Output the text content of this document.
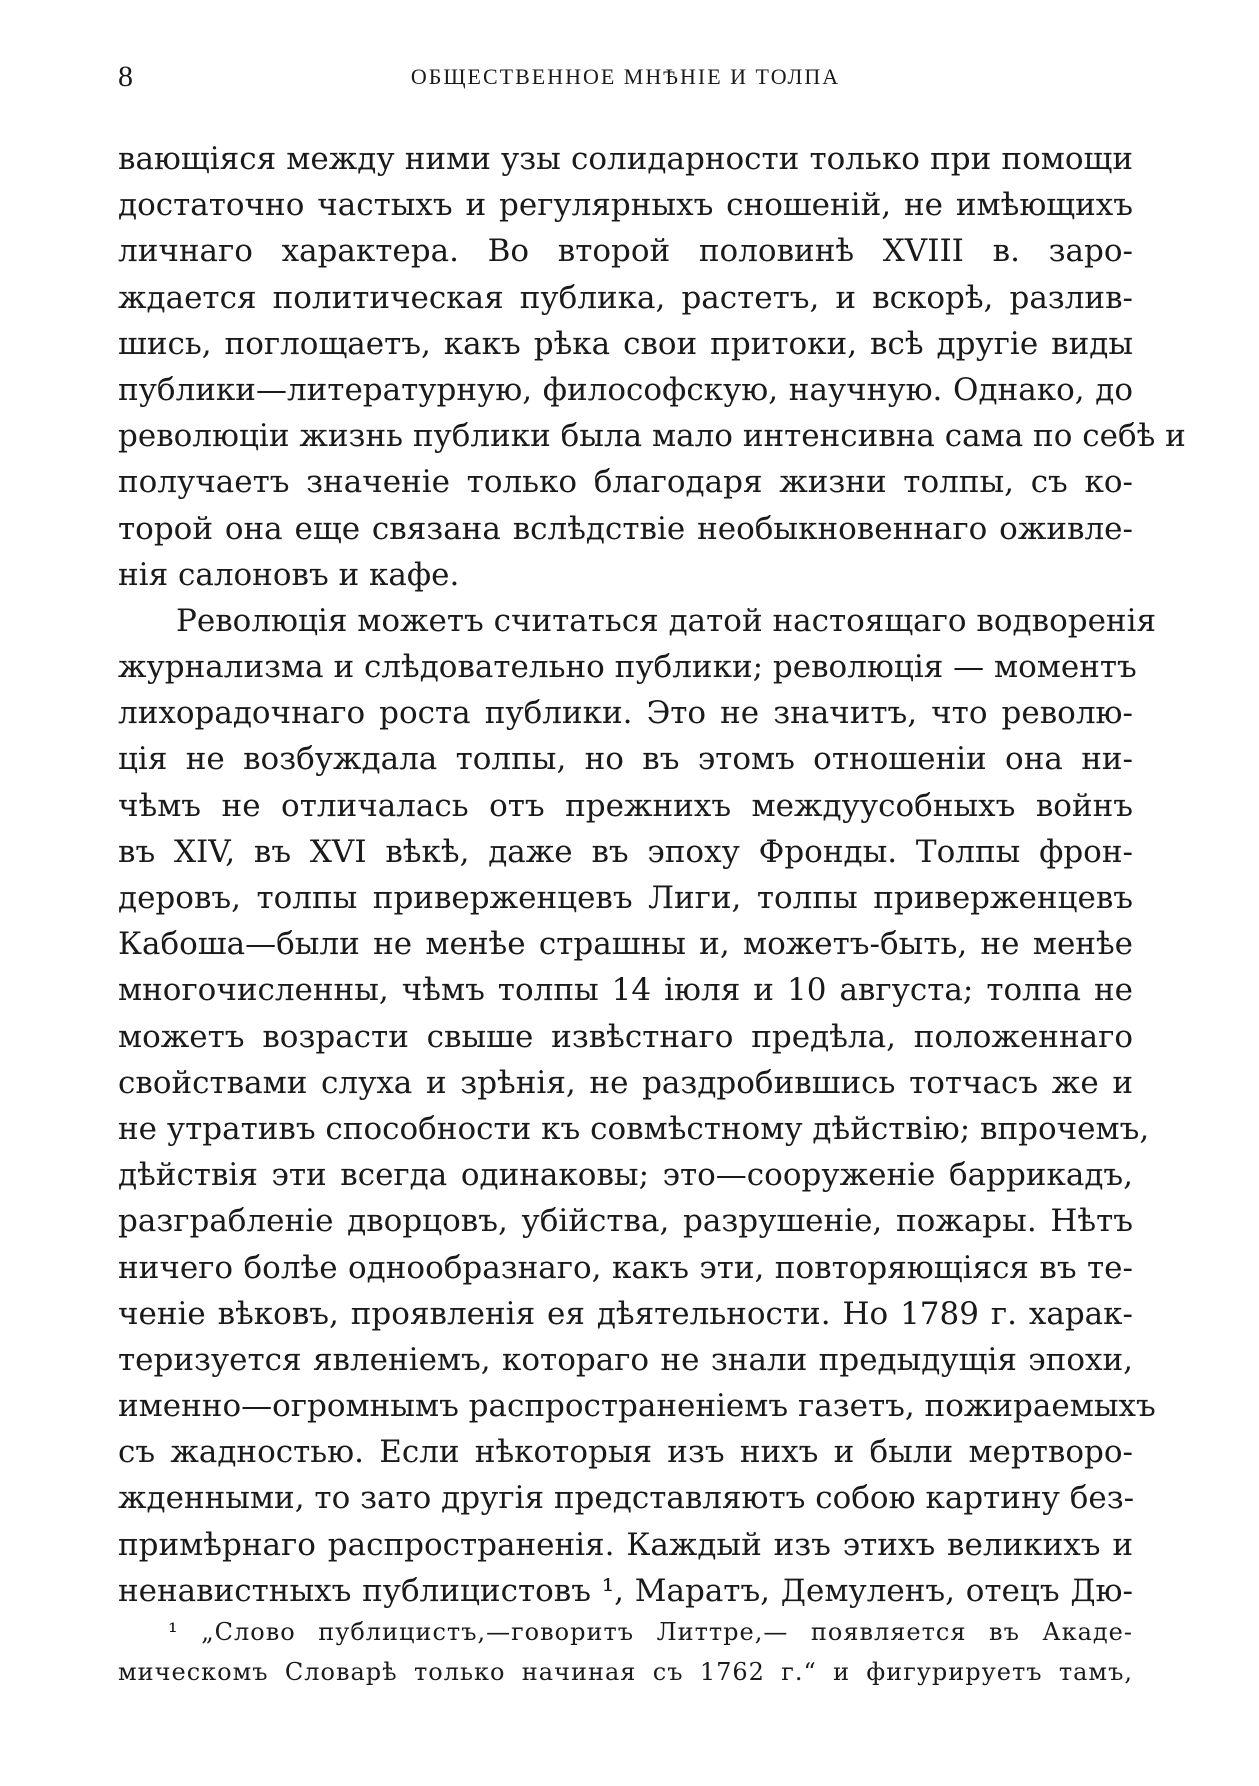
8	ОБЩЕСТВЕННОЕ МНѢНІЕ И ТОЛПА
вающіяся между ними узы солидарности только при помощи
достаточно частыхъ и регулярныхъ сношеній, не имѣющихъ
личнаго характера. Во второй половинѣ XVIII в. заро-
ждается политическая публика, растетъ, и вскорѣ, разлив-
шись, поглощаетъ, какъ рѣка свои притоки, всѣ другіе виды
публики—литературную, философскую, научную. Однако, до
революціи жизнь публики была мало интенсивна сама по себѣ и
получаетъ значеніе только благодаря жизни толпы, съ ко-
торой она еще связана вслѣдствіе необыкновеннаго оживле-
нія салоновъ и кафе.
Революція можетъ считаться датой настоящаго водворенія
журнализма и слѣдовательно публики; революція — моментъ
лихорадочнаго роста публики. Это не значитъ, что револю-
ція не возбуждала толпы, но въ этомъ отношеніи она ни-
чѣмъ не отличалась отъ прежнихъ междуусобныхъ войнъ
въ XIV, въ XVI вѣкѣ, даже въ эпоху Фронды. Толпы фрон-
деровъ, толпы приверженцевъ Лиги, толпы приверженцевъ
Кабоша—были не менѣе страшны и, можетъ-быть, не менѣе
многочисленны, чѣмъ толпы 14 іюля и 10 августа; толпа не
можетъ возрасти свыше извѣстнаго предѣла, положеннаго
свойствами слуха и зрѣнія, не раздробившись тотчасъ же и
не утративъ способности къ совмѣстному дѣйствію; впрочемъ,
дѣйствія эти всегда одинаковы; это—сооруженіе баррикадъ,
разграбленіе дворцовъ, убійства, разрушеніе, пожары. Нѣтъ
ничего болѣе однообразнаго, какъ эти, повторяющіяся въ те-
ченіе вѣковъ, проявленія ея дѣятельности. Но 1789 г. харак-
теризуется явленіемъ, котораго не знали предыдущія эпохи,
именно—огромнымъ распространеніемъ газетъ, пожираемыхъ
съ жадностью. Если нѣкоторыя изъ нихъ и были мертворо-
жденными, то зато другія представляютъ собою картину без-
примѣрнаго распространенія. Каждый изъ этихъ великихъ и
ненавистныхъ публицистовъ ¹, Маратъ, Демуленъ, отецъ Дю-
¹ „Слово публицистъ,—говоритъ Литтре,— появляется въ Акаде-
мическомъ Словарѣ только начиная съ 1762 г.“ и фигурируетъ тамъ,
